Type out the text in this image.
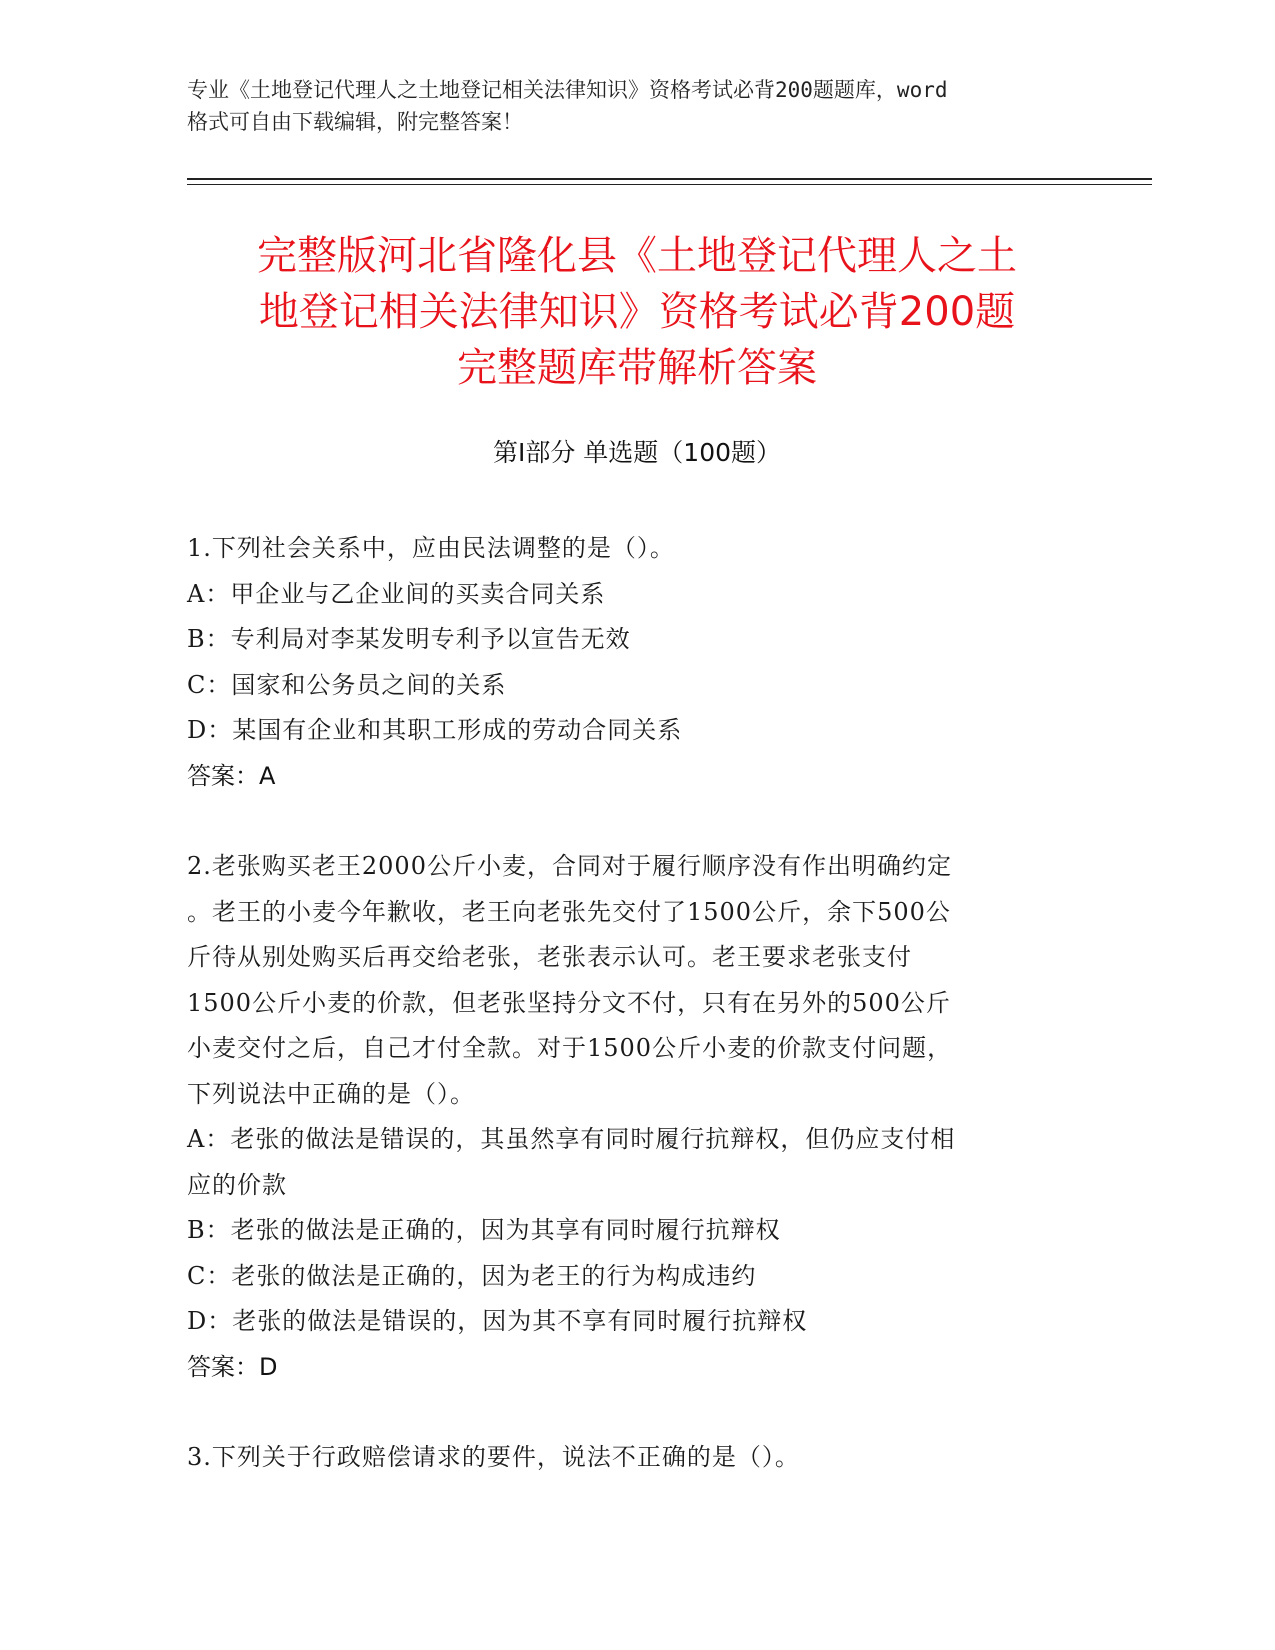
专业《土地登记代理人之土地登记相关法律知识》资格考试必背200题题库，word
格式可自由下载编辑，附完整答案！
完整版河北省隆化县《土地登记代理人之土
地登记相关法律知识》资格考试必背200题
完整题库带解析答案
第Ⅰ部分 单选题（100题）
1.下列社会关系中，应由民法调整的是（）。
A：甲企业与乙企业间的买卖合同关系
B：专利局对李某发明专利予以宣告无效
C：国家和公务员之间的关系
D：某国有企业和其职工形成的劳动合同关系
答案：A
2.老张购买老王2000公斤小麦，合同对于履行顺序没有作出明确约定
。老王的小麦今年歉收，老王向老张先交付了1500公斤，余下500公
斤待从别处购买后再交给老张，老张表示认可。老王要求老张支付
1500公斤小麦的价款，但老张坚持分文不付，只有在另外的500公斤
小麦交付之后，自己才付全款。对于1500公斤小麦的价款支付问题，
下列说法中正确的是（）。
A：老张的做法是错误的，其虽然享有同时履行抗辩权，但仍应支付相
应的价款
B：老张的做法是正确的，因为其享有同时履行抗辩权
C：老张的做法是正确的，因为老王的行为构成违约
D：老张的做法是错误的，因为其不享有同时履行抗辩权
答案：D
3.下列关于行政赔偿请求的要件，说法不正确的是（）。
